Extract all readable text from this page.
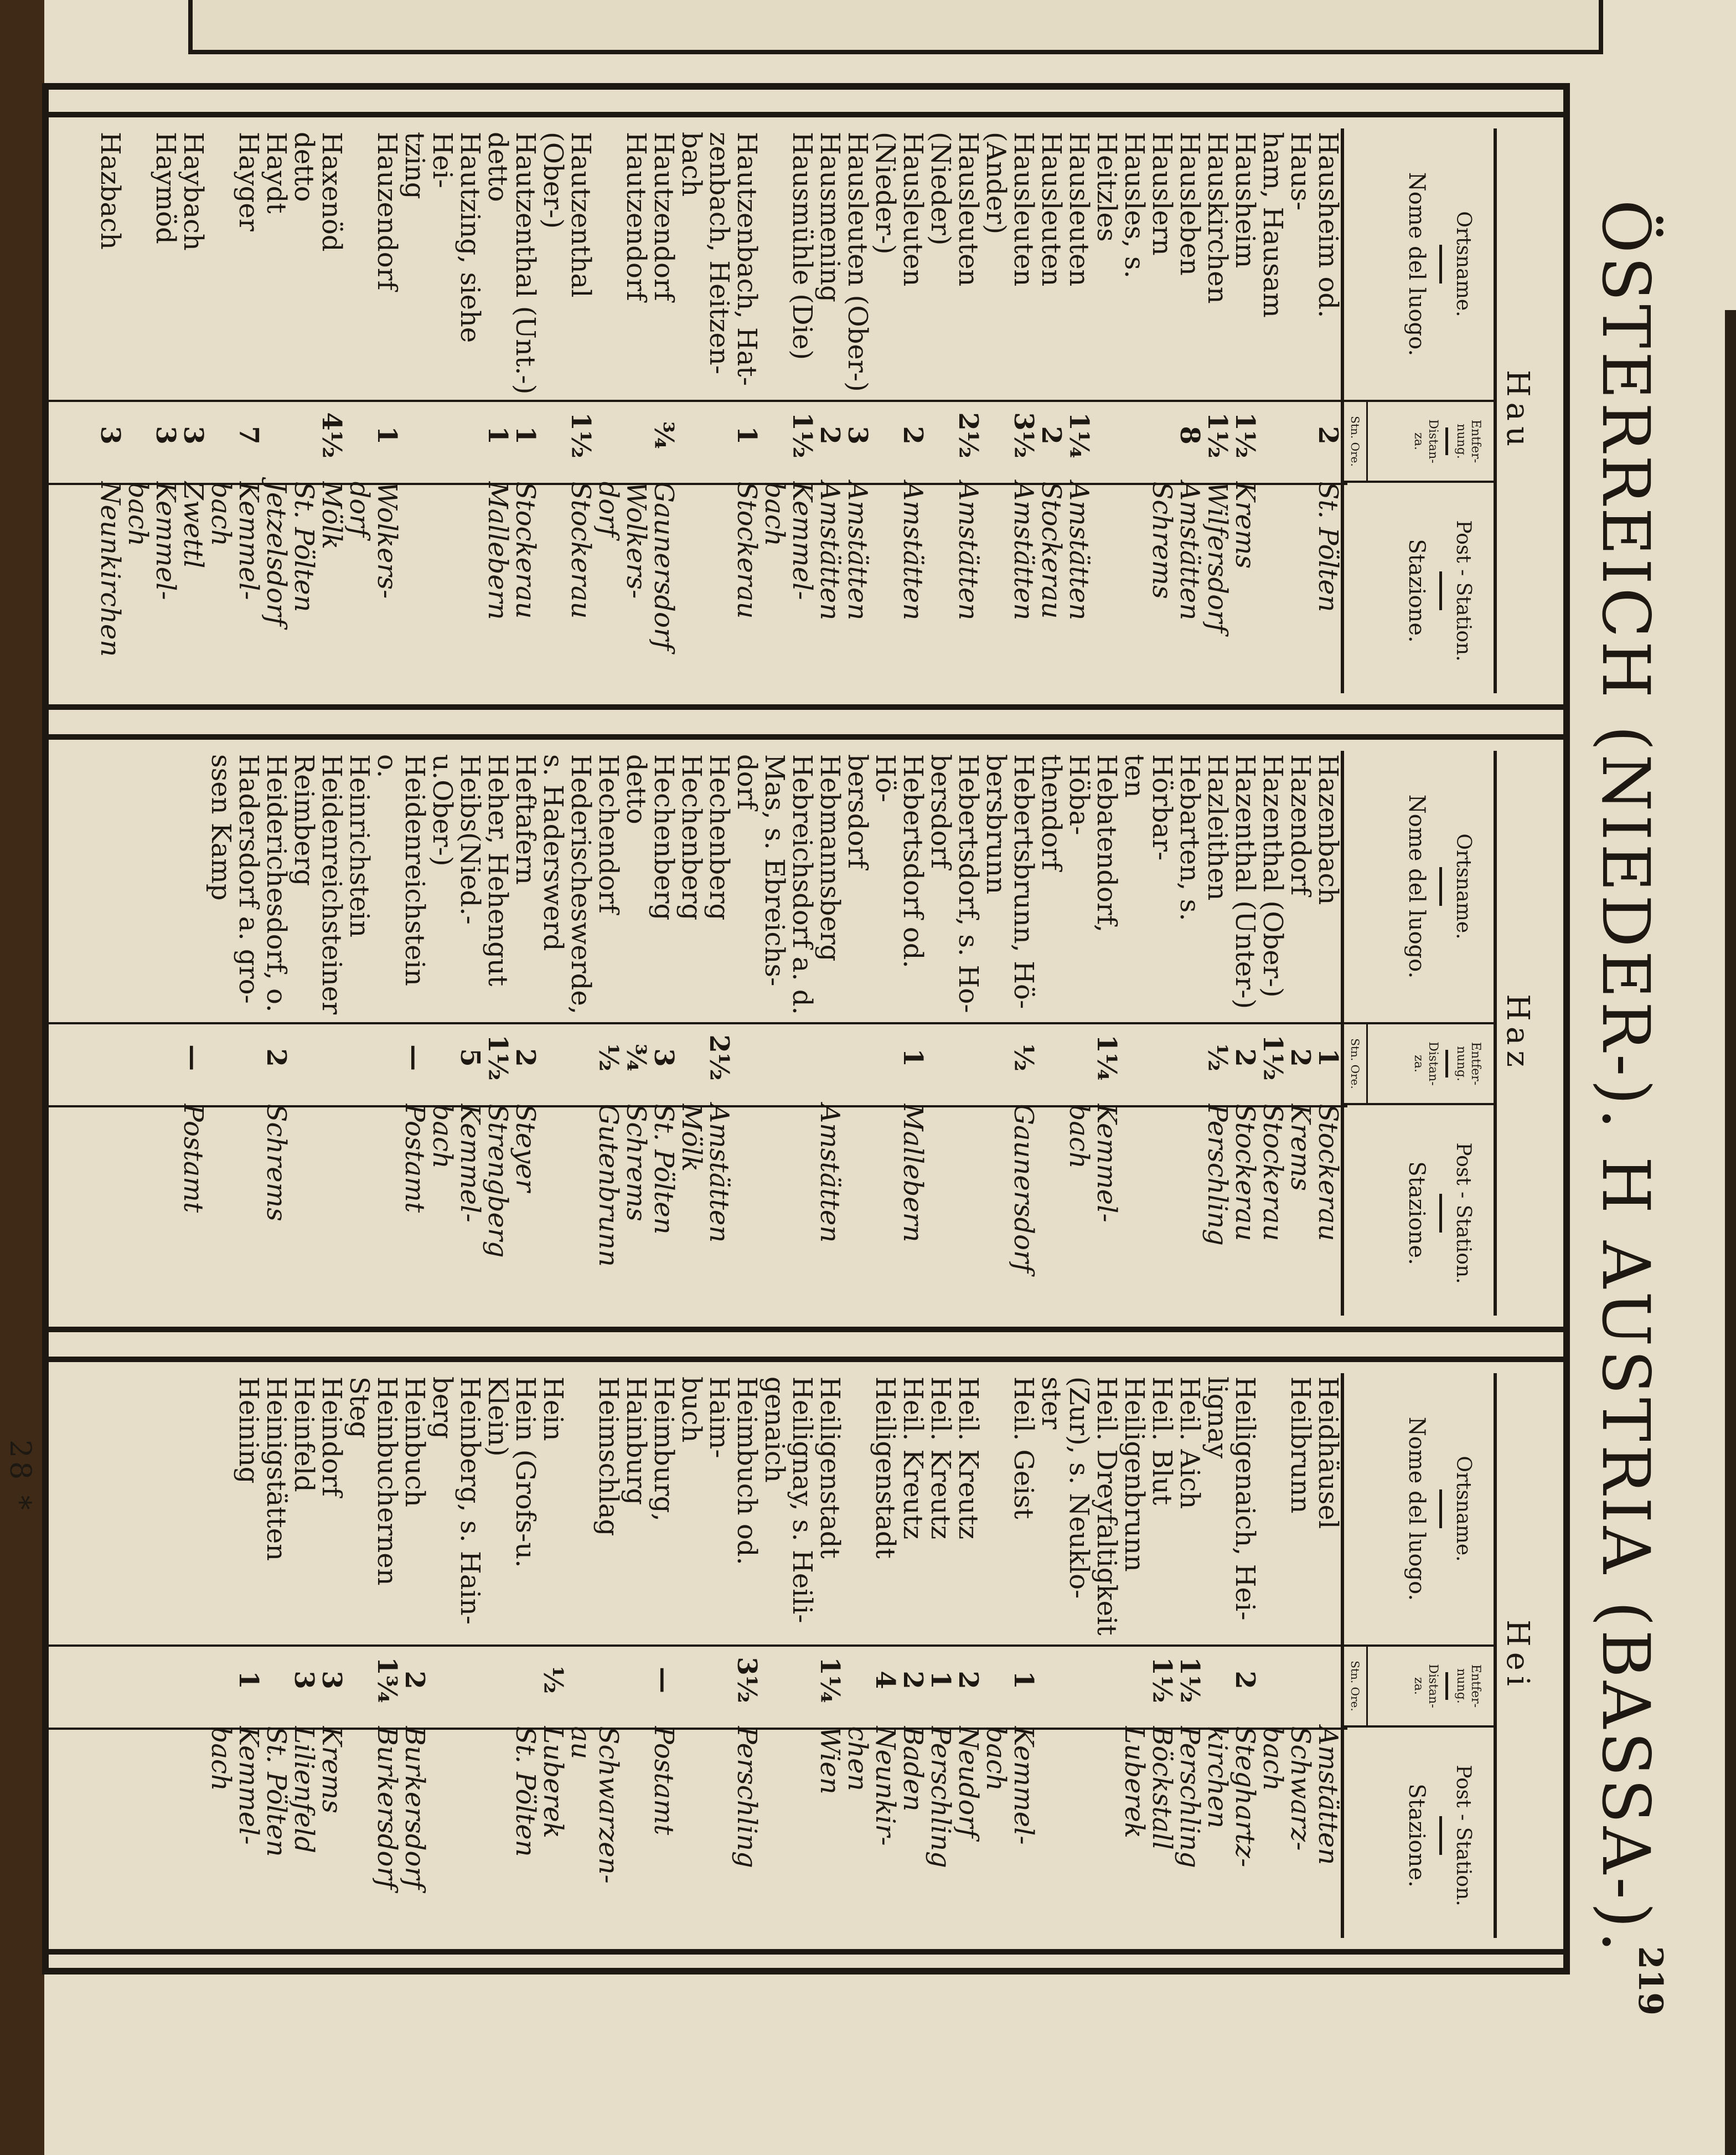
ÖSTERREICH (NIEDER-). H AUSTRIA (BASSA-).
219
Hau
Ortsname.
Nome del luogo.
Entfer-
nung.
Distan-
za.
Stn. Ore.
Post - Station.
Stazione.
Hausheim od. Haus-
ham, Hausam
2
St. Pölten
Hausheim
1½
Krems
Hauskirchen
1½
Wilfersdorf
Hausleben
8
Amstätten
Hauslern
Schrems
Hausles, s. Heitzles
Hausleuten
1¼
Amstätten
Hausleuten
2
Stockerau
Hausleuten (Ander)
3½
Amstätten
Hausleuten (Nieder)
2½
Amstätten
Hausleuten (Nieder-)
2
Amstätten
Hausleuten (Ober-)
3
Amstätten
Hausmening
2
Amstätten
Hausmühle (Die)
1½
Kemmel-
bach
Hautzenbach, Hat-
zenbach, Heitzen-
bach
1
Stockerau
Hautzendorf
¾
Gaunersdorf
Hautzendorf
Wolkers-
dorf
Hautzenthal (Ober-)
1½
Stockerau
Hautzenthal (Unt.-)
1
Stockerau
detto
1
Mallebern
Hautzing, siehe Hei-
tzing
Hauzendorf
1
Wolkers-
dorf
Haxenöd
4½
Mölk
detto
St. Pölten
Haydt
Jetzelsdorf
Hayger
7
Kemmel-
bach
Haybach
3
Zwettl
Haymöd
3
Kemmel-
bach
Hazbach
3
Neunkirchen
Haz
Ortsname.
Nome del luogo.
Entfer-
nung.
Distan-
za.
Stn. Ore.
Post - Station.
Stazione.
Hazenbach
1
Stockerau
Hazendorf
2
Krems
Hazenthal (Ober-)
1½
Stockerau
Hazenthal (Unter-)
2
Stockerau
Hazleithen
½
Perschling
Hebarten, s. Hörbar-
ten
Hebatendorf, Höba-
thendorf
1¼
Kemmel-
bach
Hebertsbrunn, Hö-
bersbrunn
½
Gaunersdorf
Hebertsdorf, s. Ho-
bersdorf
Hebertsdorf od. Hö-
bersdorf
1
Mallebern
Hebmannsberg
Amstätten
Hebreichsdorf a. d.
Mas, s. Ebreichs-
dorf
Hechenberg
2½
Amstätten
Hechenberg
Mölk
Hechenberg
3
St. Pölten
detto
¾
Schrems
Hechendorf
½
Gutenbrunn
Hederischeswerde,
s. Haderswerd
Heftafern
2
Steyer
Heher, Hehengut
1½
Strengberg
Heibs(Nied.-u.Ober-)
5
Kemmel-
bach
Heidenreichstein o.
Heinrichstein
—
Postamt
Heidenreichsteiner
Reimberg
Heiderichesdorf, o.
Hadersdorf a. gro-
ssen Kamp
2
Schrems
—
Postamt
Hei
Ortsname.
Nome del luogo.
Entfer-
nung.
Distan-
za.
Stn. Ore.
Post - Station.
Stazione.
Heidhäusel
Amstätten
Heilbrunn
Schwarz-
bach
Heiligenaich, Hei-
lignay
2
Steghartz-
kirchen
Heil. Aich
1½
Perschling
Heil. Blut
1½
Böckstall
Heiligenbrunn
Luberek
Heil. Dreyfaltigkeit
(Zur), s. Neuklo-
ster
Heil. Geist
1
Kemmel-
bach
Heil. Kreutz
2
Neudorf
Heil. Kreutz
1
Perschling
Heil. Kreutz
2
Baden
Heiligenstadt
4
Neunkir-
chen
Heiligenstadt
1¼
Wien
Heilignay, s. Heili-
genaich
Heimbuch od. Haim-
buch
3½
Perschling
Heimburg, Hainburg
—
Postamt
Heimschlag
Schwarzen-
au
Hein
½
Luberek
Hein (Grofs-u. Klein)
St. Pölten
Heinberg, s. Hain-
berg
Heinbuch
2
Burkersdorf
Heinbuchernen Steg
1¾
Burkersdorf
Heindorf
3
Krems
Heinfeld
3
Lilienfeld
Heinigstätten
St. Pölten
Heining
1
Kemmel-
bach
28 *
